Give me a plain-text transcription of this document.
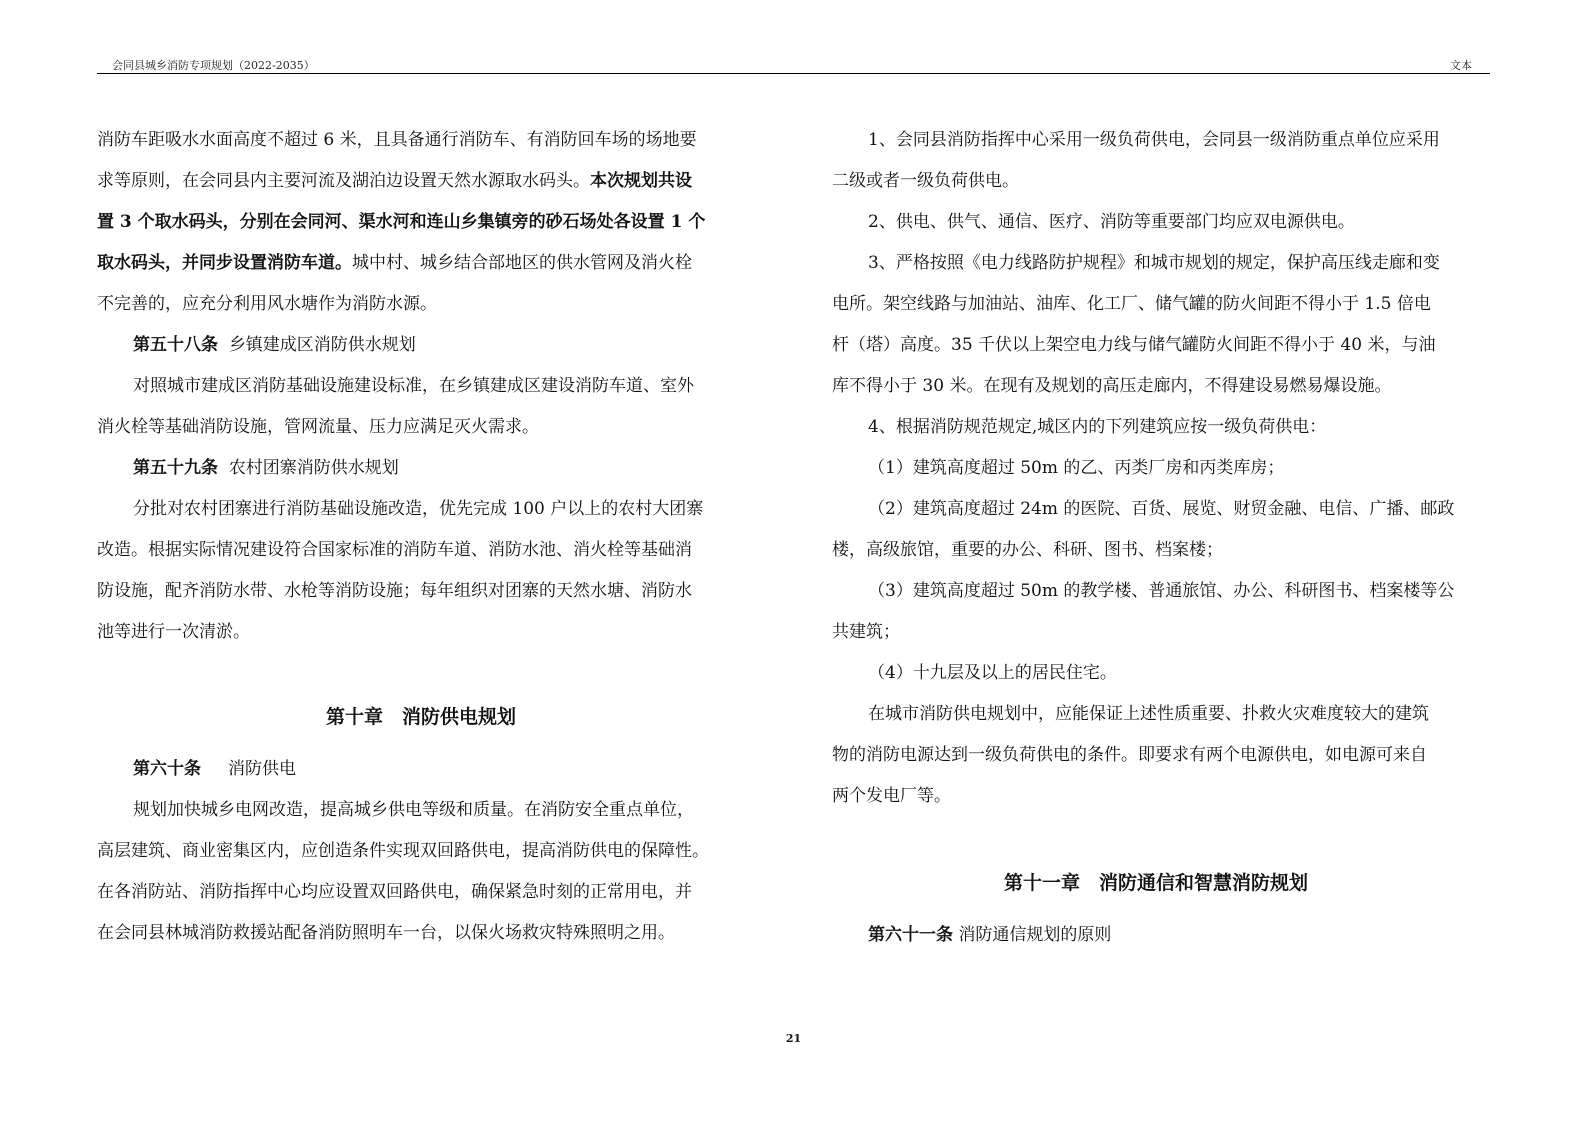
会同县城乡消防专项规划（2022-2035）	文本
消防车距吸水水面高度不超过 6 米，且具备通行消防车、有消防回车场的场地要
求等原则，在会同县内主要河流及湖泊边设置天然水源取水码头。本次规划共设
置 3 个取水码头，分别在会同河、渠水河和连山乡集镇旁的砂石场处各设置 1 个
取水码头，并同步设置消防车道。城中村、城乡结合部地区的供水管网及消火栓
不完善的，应充分利用风水塘作为消防水源。
第五十八条 乡镇建成区消防供水规划
对照城市建成区消防基础设施建设标准，在乡镇建成区建设消防车道、室外
消火栓等基础消防设施，管网流量、压力应满足灭火需求。
第五十九条 农村团寨消防供水规划
分批对农村团寨进行消防基础设施改造，优先完成 100 户以上的农村大团寨
改造。根据实际情况建设符合国家标准的消防车道、消防水池、消火栓等基础消
防设施，配齐消防水带、水枪等消防设施；每年组织对团寨的天然水塘、消防水
池等进行一次清淤。
第十章　消防供电规划
第六十条 消防供电
规划加快城乡电网改造，提高城乡供电等级和质量。在消防安全重点单位，
高层建筑、商业密集区内，应创造条件实现双回路供电，提高消防供电的保障性。
在各消防站、消防指挥中心均应设置双回路供电，确保紧急时刻的正常用电，并
在会同县林城消防救援站配备消防照明车一台，以保火场救灾特殊照明之用。
1、会同县消防指挥中心采用一级负荷供电，会同县一级消防重点单位应采用
二级或者一级负荷供电。
2、供电、供气、通信、医疗、消防等重要部门均应双电源供电。
3、严格按照《电力线路防护规程》和城市规划的规定，保护高压线走廊和变
电所。架空线路与加油站、油库、化工厂、储气罐的防火间距不得小于 1.5 倍电
杆（塔）高度。35 千伏以上架空电力线与储气罐防火间距不得小于 40 米，与油
库不得小于 30 米。在现有及规划的高压走廊内，不得建设易燃易爆设施。
4、根据消防规范规定,城区内的下列建筑应按一级负荷供电：
（1）建筑高度超过 50m 的乙、丙类厂房和丙类库房；
（2）建筑高度超过 24m 的医院、百货、展览、财贸金融、电信、广播、邮政
楼，高级旅馆，重要的办公、科研、图书、档案楼；
（3）建筑高度超过 50m 的教学楼、普通旅馆、办公、科研图书、档案楼等公
共建筑；
（4）十九层及以上的居民住宅。
在城市消防供电规划中，应能保证上述性质重要、扑救火灾难度较大的建筑
物的消防电源达到一级负荷供电的条件。即要求有两个电源供电，如电源可来自
两个发电厂等。
第十一章　消防通信和智慧消防规划
第六十一条 消防通信规划的原则
21
